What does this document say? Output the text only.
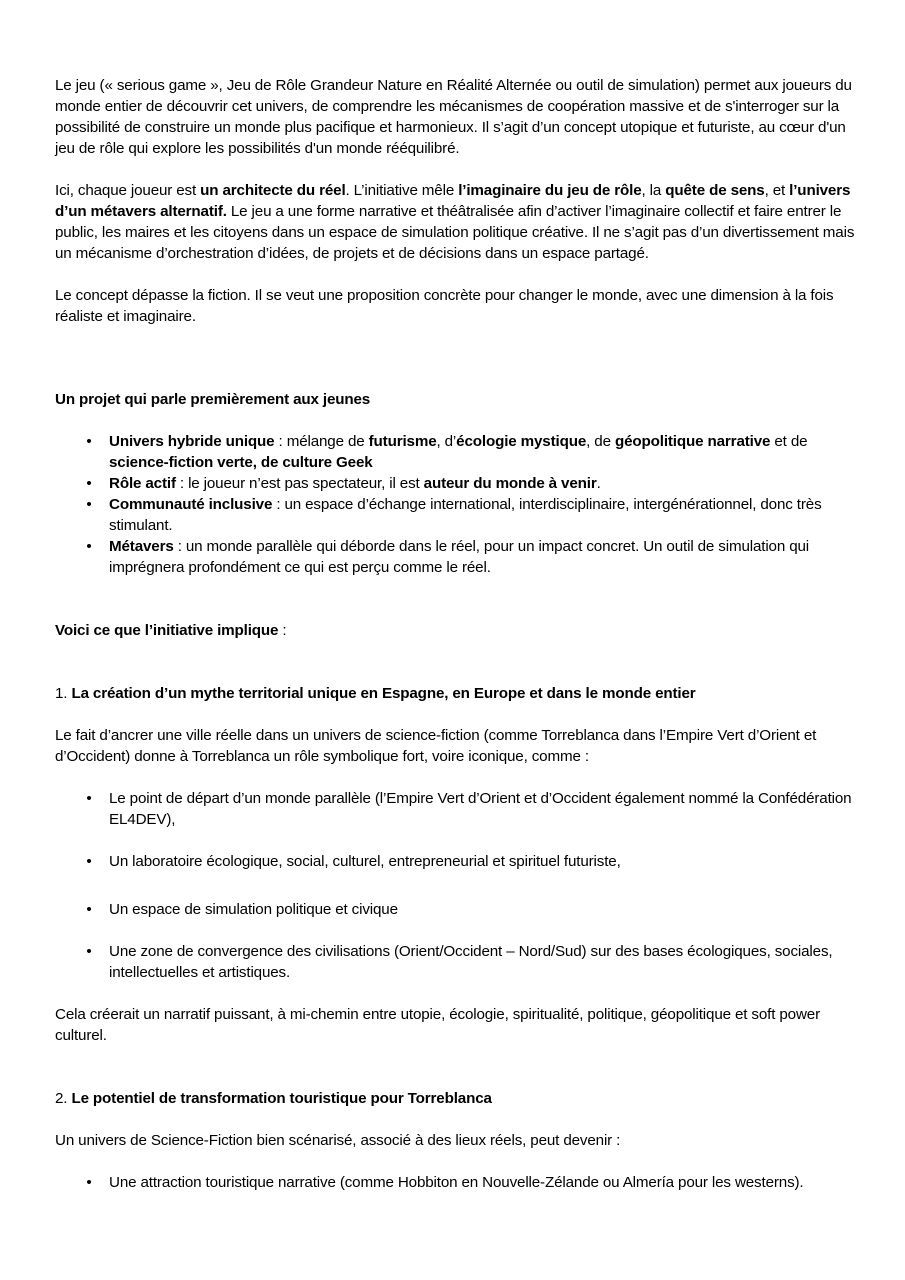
Le jeu (« serious game », Jeu de Rôle Grandeur Nature en Réalité Alternée ou outil de simulation) permet aux joueurs du monde entier de découvrir cet univers, de comprendre les mécanismes de coopération massive et de s'interroger sur la possibilité de construire un monde plus pacifique et harmonieux. Il s’agit d’un concept utopique et futuriste, au cœur d'un jeu de rôle qui explore les possibilités d'un monde rééquilibré.

Ici, chaque joueur est un architecte du réel. L’initiative mêle l’imaginaire du jeu de rôle, la quête de sens, et l’univers d’un métavers alternatif. Le jeu a une forme narrative et théâtralisée afin d’activer l’imaginaire collectif et faire entrer le public, les maires et les citoyens dans un espace de simulation politique créative. Il ne s’agit pas d’un divertissement mais un mécanisme d’orchestration d’idées, de projets et de décisions dans un espace partagé.

Le concept dépasse la fiction. Il se veut une proposition concrète pour changer le monde, avec une dimension à la fois réaliste et imaginaire.

Un projet qui parle premièrement aux jeunes

• Univers hybride unique : mélange de futurisme, d’écologie mystique, de géopolitique narrative et de science-fiction verte, de culture Geek
• Rôle actif : le joueur n’est pas spectateur, il est auteur du monde à venir.
• Communauté inclusive : un espace d’échange international, interdisciplinaire, intergénérationnel, donc très stimulant.
• Métavers : un monde parallèle qui déborde dans le réel, pour un impact concret. Un outil de simulation qui imprégnera profondément ce qui est perçu comme le réel.

Voici ce que l’initiative implique :

1. La création d’un mythe territorial unique en Espagne, en Europe et dans le monde entier

Le fait d’ancrer une ville réelle dans un univers de science-fiction (comme Torreblanca dans l’Empire Vert d’Orient et d’Occident) donne à Torreblanca un rôle symbolique fort, voire iconique, comme :

• Le point de départ d’un monde parallèle (l’Empire Vert d’Orient et d’Occident également nommé la Confédération EL4DEV),
• Un laboratoire écologique, social, culturel, entrepreneurial et spirituel futuriste,
• Un espace de simulation politique et civique
• Une zone de convergence des civilisations (Orient/Occident – Nord/Sud) sur des bases écologiques, sociales, intellectuelles et artistiques.

Cela créerait un narratif puissant, à mi-chemin entre utopie, écologie, spiritualité, politique, géopolitique et soft power culturel.

2. Le potentiel de transformation touristique pour Torreblanca

Un univers de Science-Fiction bien scénarisé, associé à des lieux réels, peut devenir :

• Une attraction touristique narrative (comme Hobbiton en Nouvelle-Zélande ou Almería pour les westerns).
